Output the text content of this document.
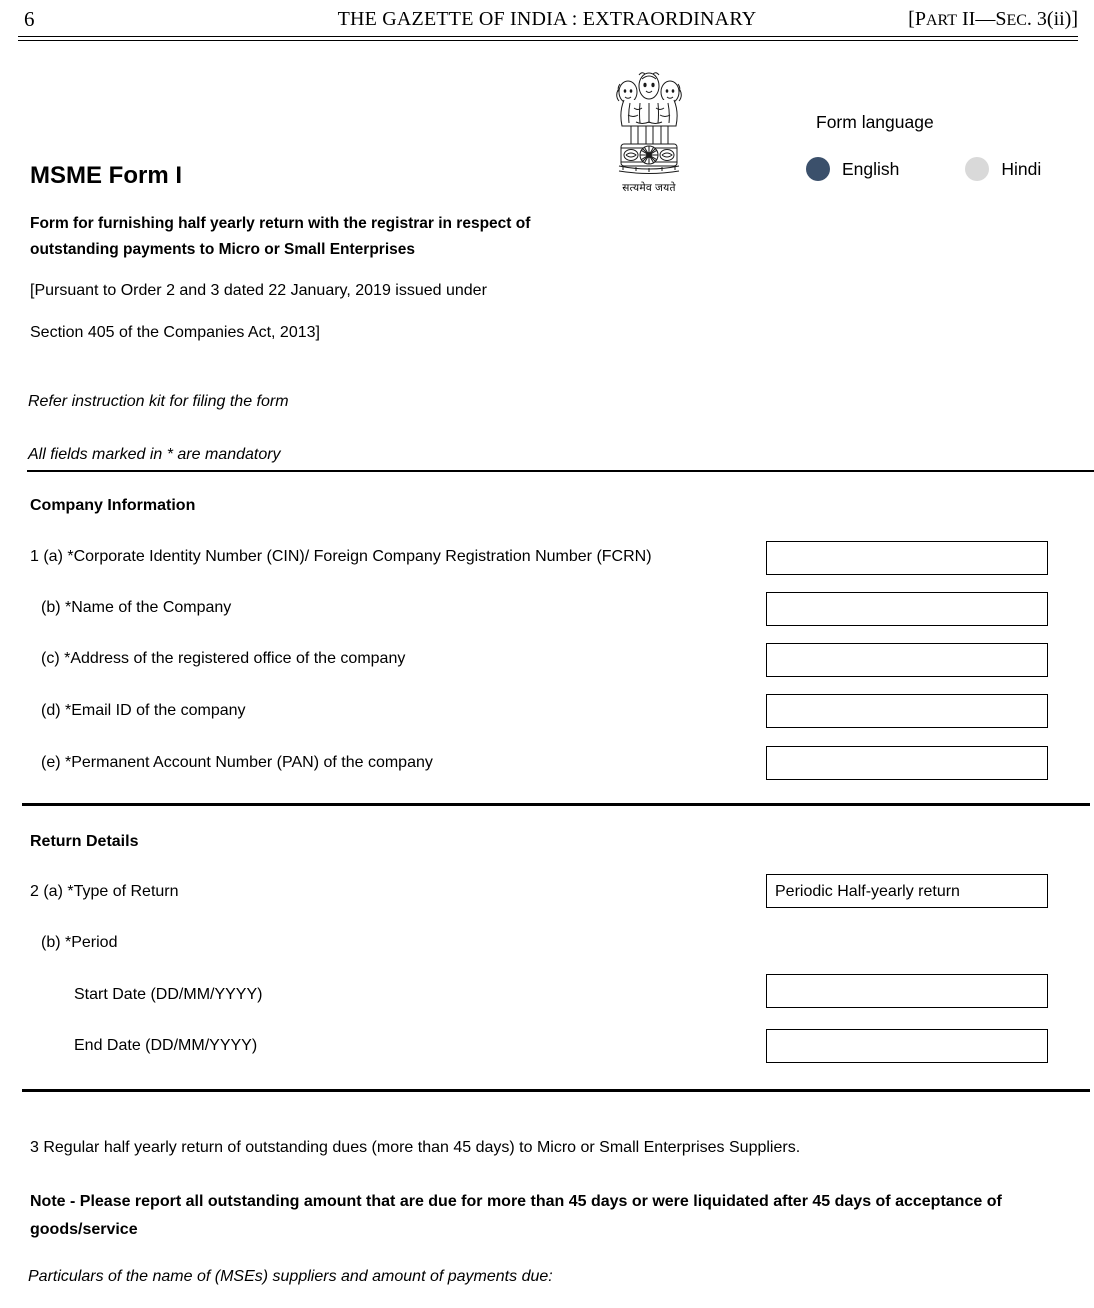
6	THE GAZETTE OF INDIA : EXTRAORDINARY	[PART II—SEC. 3(ii)]
सत्यमेव जयते
Form language
English	Hindi
MSME Form I
Form for furnishing half yearly return with the registrar in respect of outstanding payments to Micro or Small Enterprises
[Pursuant to Order 2 and 3 dated 22 January, 2019 issued under
Section 405 of the Companies Act, 2013]
Refer instruction kit for filing the form
All fields marked in * are mandatory
Company Information
1 (a) *Corporate Identity Number (CIN)/ Foreign Company Registration Number (FCRN)
(b) *Name of the Company
(c) *Address of the registered office of the company
(d) *Email ID of the company
(e) *Permanent Account Number (PAN) of the company
Return Details
2 (a) *Type of Return	Periodic Half-yearly return
(b) *Period
Start Date (DD/MM/YYYY)
End Date (DD/MM/YYYY)
3 Regular half yearly return of outstanding dues (more than 45 days) to Micro or Small Enterprises Suppliers.
Note - Please report all outstanding amount that are due for more than 45 days or were liquidated after 45 days of acceptance of goods/service
Particulars of the name of (MSEs) suppliers and amount of payments due:
